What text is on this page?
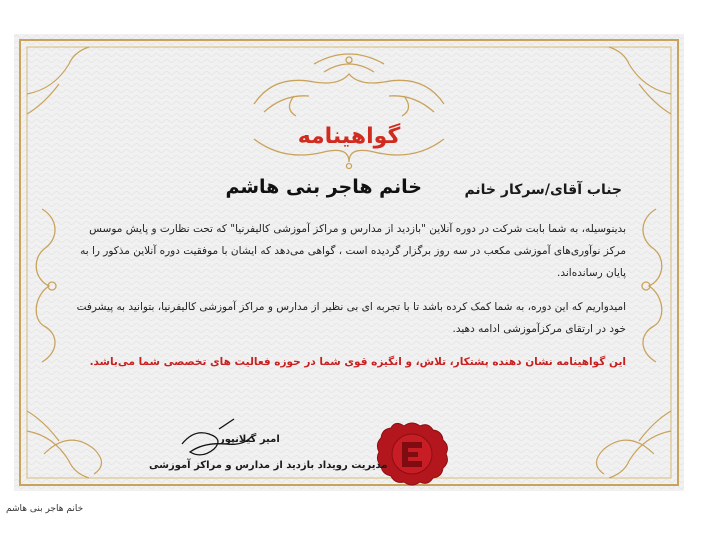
گواهینامه
جناب آقای/سرکار خانم
خانم هاجر بنی هاشم
بدینوسیله، به شما بابت شرکت در دوره آنلاین "بازدید از مدارس و مراکز آموزشی کالیفرنیا" که تحت نظارت و پایش موسس مرکز نوآوری‌های آموزشی مکعب در سه روز برگزار گردیده است ، گواهی می‌دهد که ایشان با موفقیت دوره آنلاین مذکور را به پایان رسانده‌اند.
امیدواریم که این دوره، به شما کمک کرده باشد تا با تجربه ای بی نظیر از مدارس و مراکز آموزشی کالیفرنیا، بتوانید به پیشرفت خود در ارتقای مرکزآموزشی ادامه دهید.
این گواهینامه نشان دهنده پشتکار، تلاش، و انگیزه قوی شما در حوزه فعالیت های تخصصی شما می‌باشد.
امیر گیلانپور
مدیریت رویداد بازدید از مدارس و مراکز آموزشی
خانم هاجر بنی هاشم
